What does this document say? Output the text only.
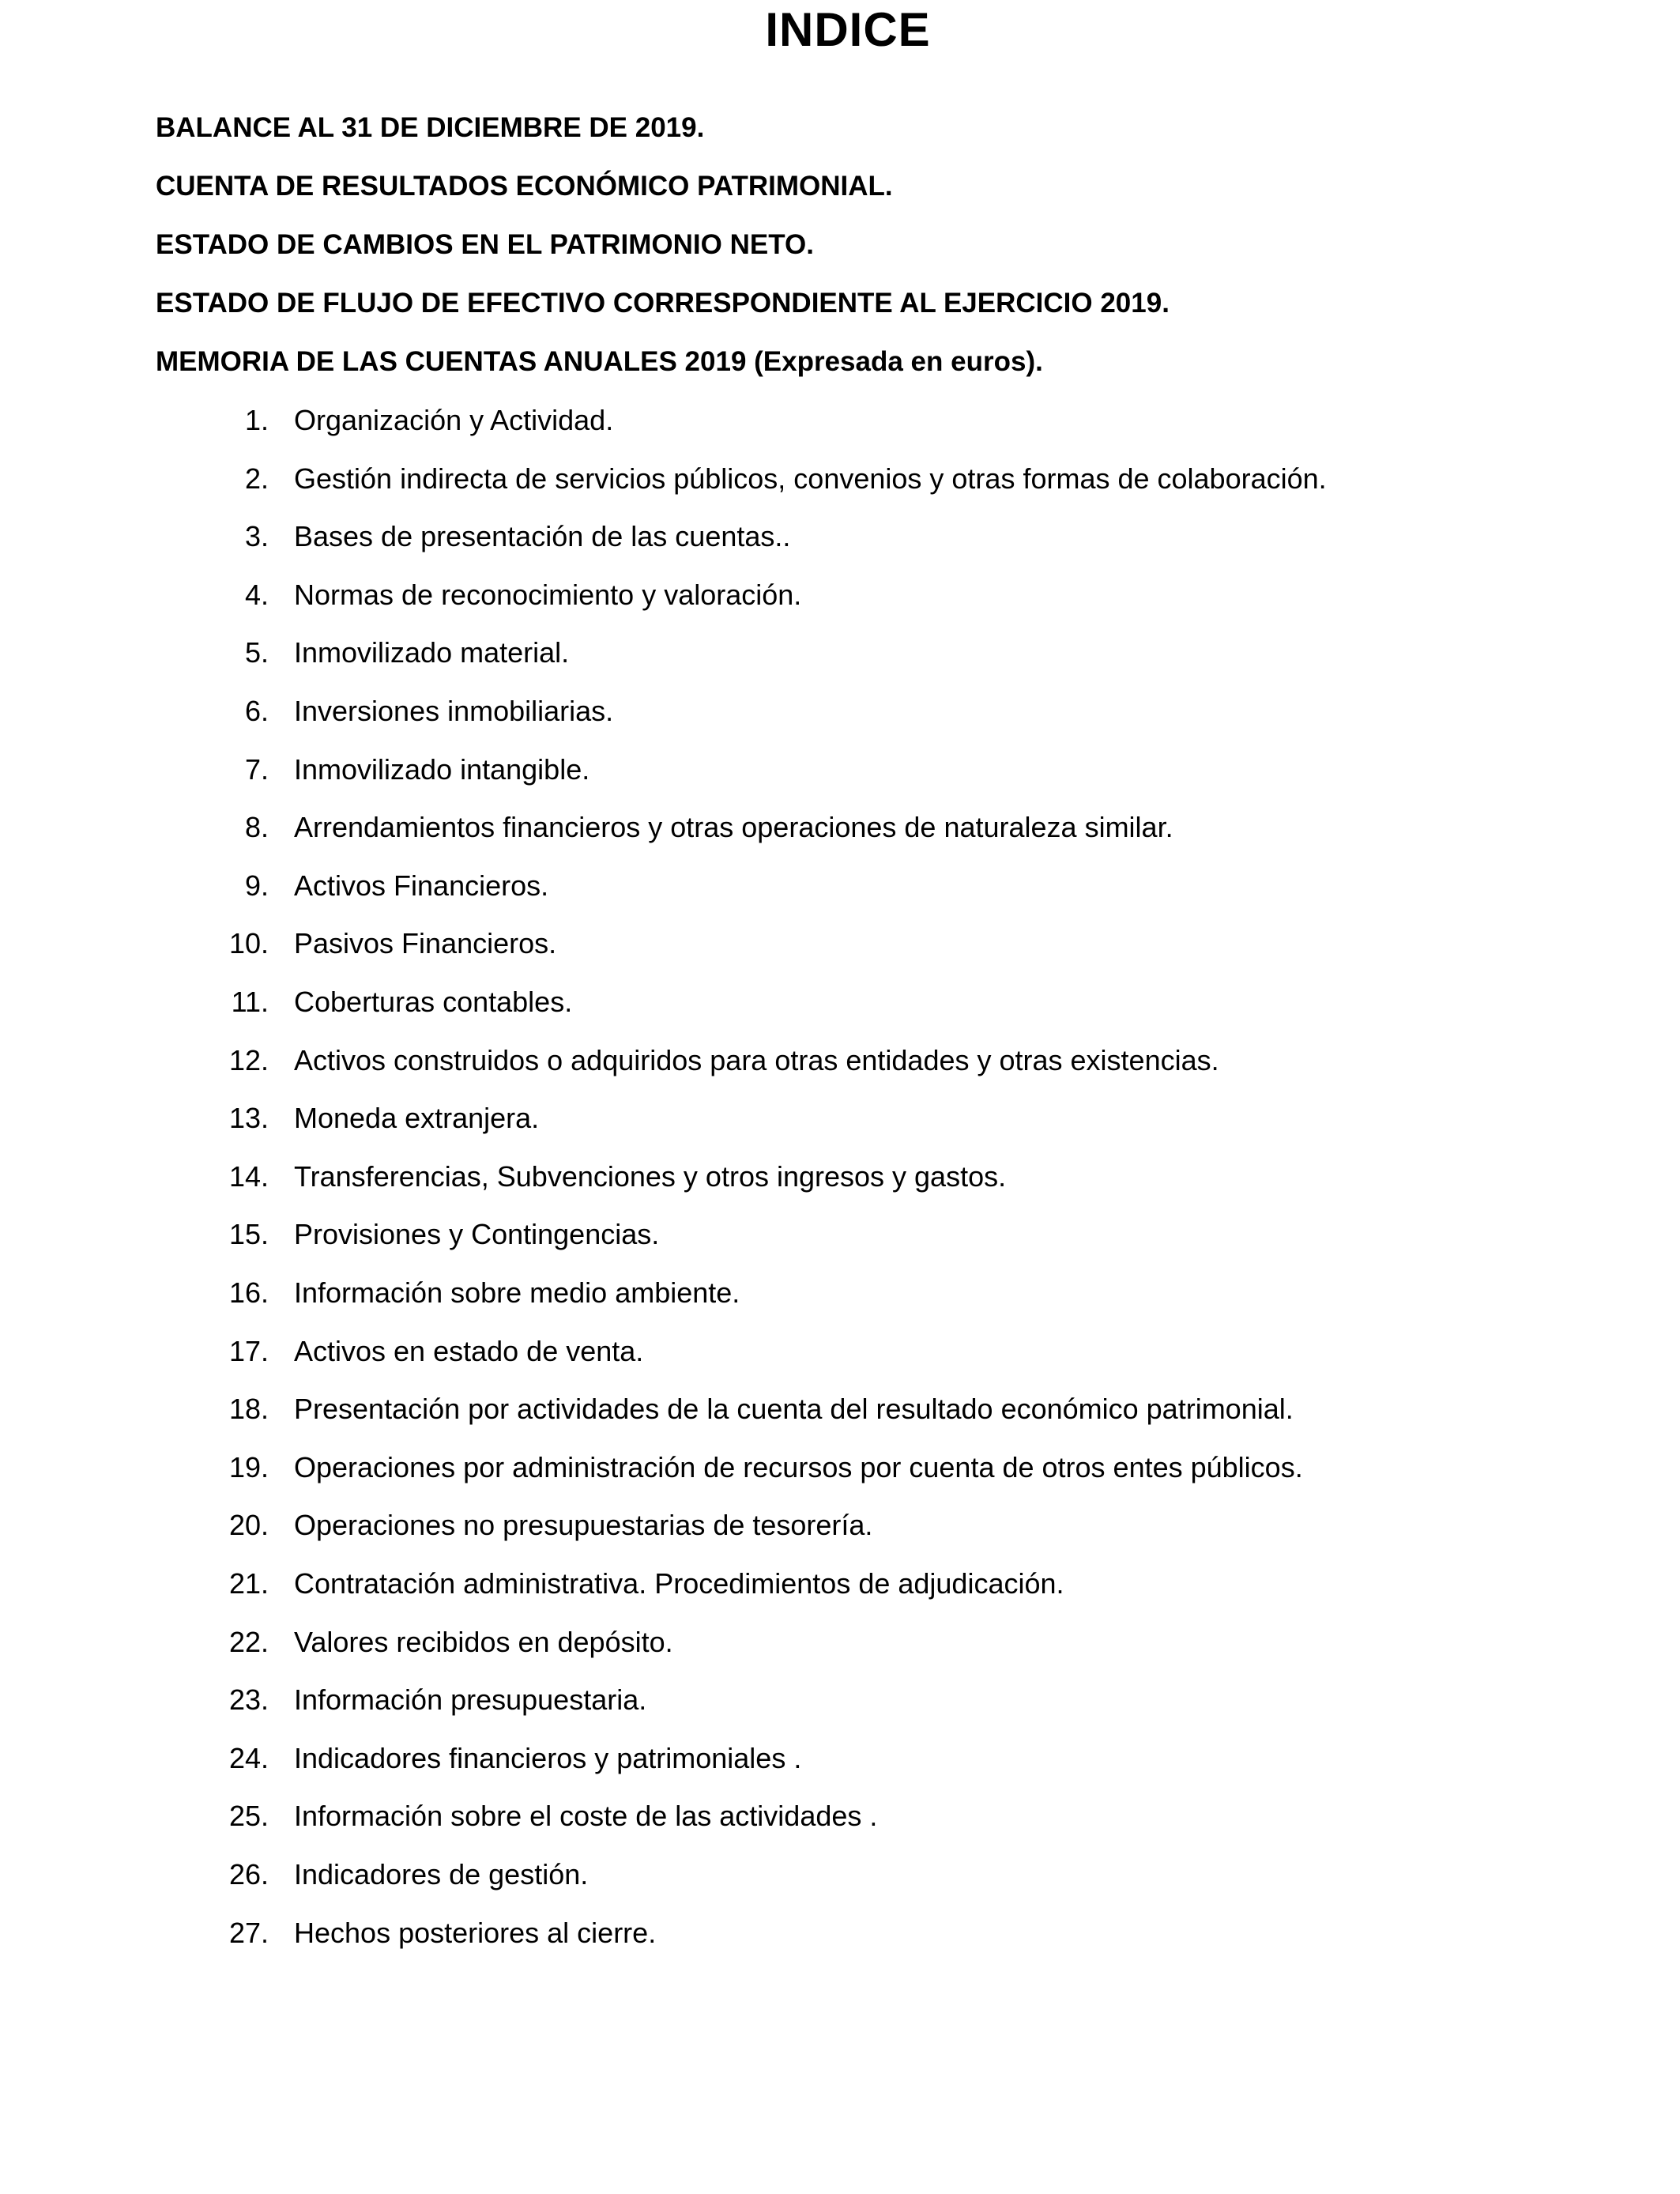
INDICE
BALANCE AL 31 DE DICIEMBRE DE 2019.
CUENTA DE RESULTADOS ECONÓMICO PATRIMONIAL.
ESTADO DE CAMBIOS EN EL PATRIMONIO NETO.
ESTADO DE FLUJO DE EFECTIVO CORRESPONDIENTE AL EJERCICIO 2019.
MEMORIA DE LAS CUENTAS ANUALES 2019 (Expresada en euros).
1. Organización y Actividad.
2. Gestión indirecta de servicios públicos, convenios y otras formas de colaboración.
3. Bases de presentación de las cuentas..
4. Normas de reconocimiento y valoración.
5. Inmovilizado material.
6. Inversiones inmobiliarias.
7. Inmovilizado intangible.
8. Arrendamientos financieros y otras operaciones de naturaleza similar.
9. Activos Financieros.
10. Pasivos Financieros.
11. Coberturas contables.
12. Activos construidos o adquiridos para otras entidades y otras existencias.
13. Moneda extranjera.
14. Transferencias, Subvenciones y otros ingresos y gastos.
15. Provisiones y Contingencias.
16. Información sobre medio ambiente.
17. Activos en estado de venta.
18. Presentación por actividades de la cuenta del resultado económico patrimonial.
19. Operaciones por administración de recursos por cuenta de otros entes públicos.
20. Operaciones no presupuestarias de tesorería.
21. Contratación administrativa. Procedimientos de adjudicación.
22. Valores recibidos en depósito.
23. Información presupuestaria.
24. Indicadores financieros y patrimoniales .
25. Información sobre el coste de las actividades .
26. Indicadores de gestión.
27. Hechos posteriores al cierre.
